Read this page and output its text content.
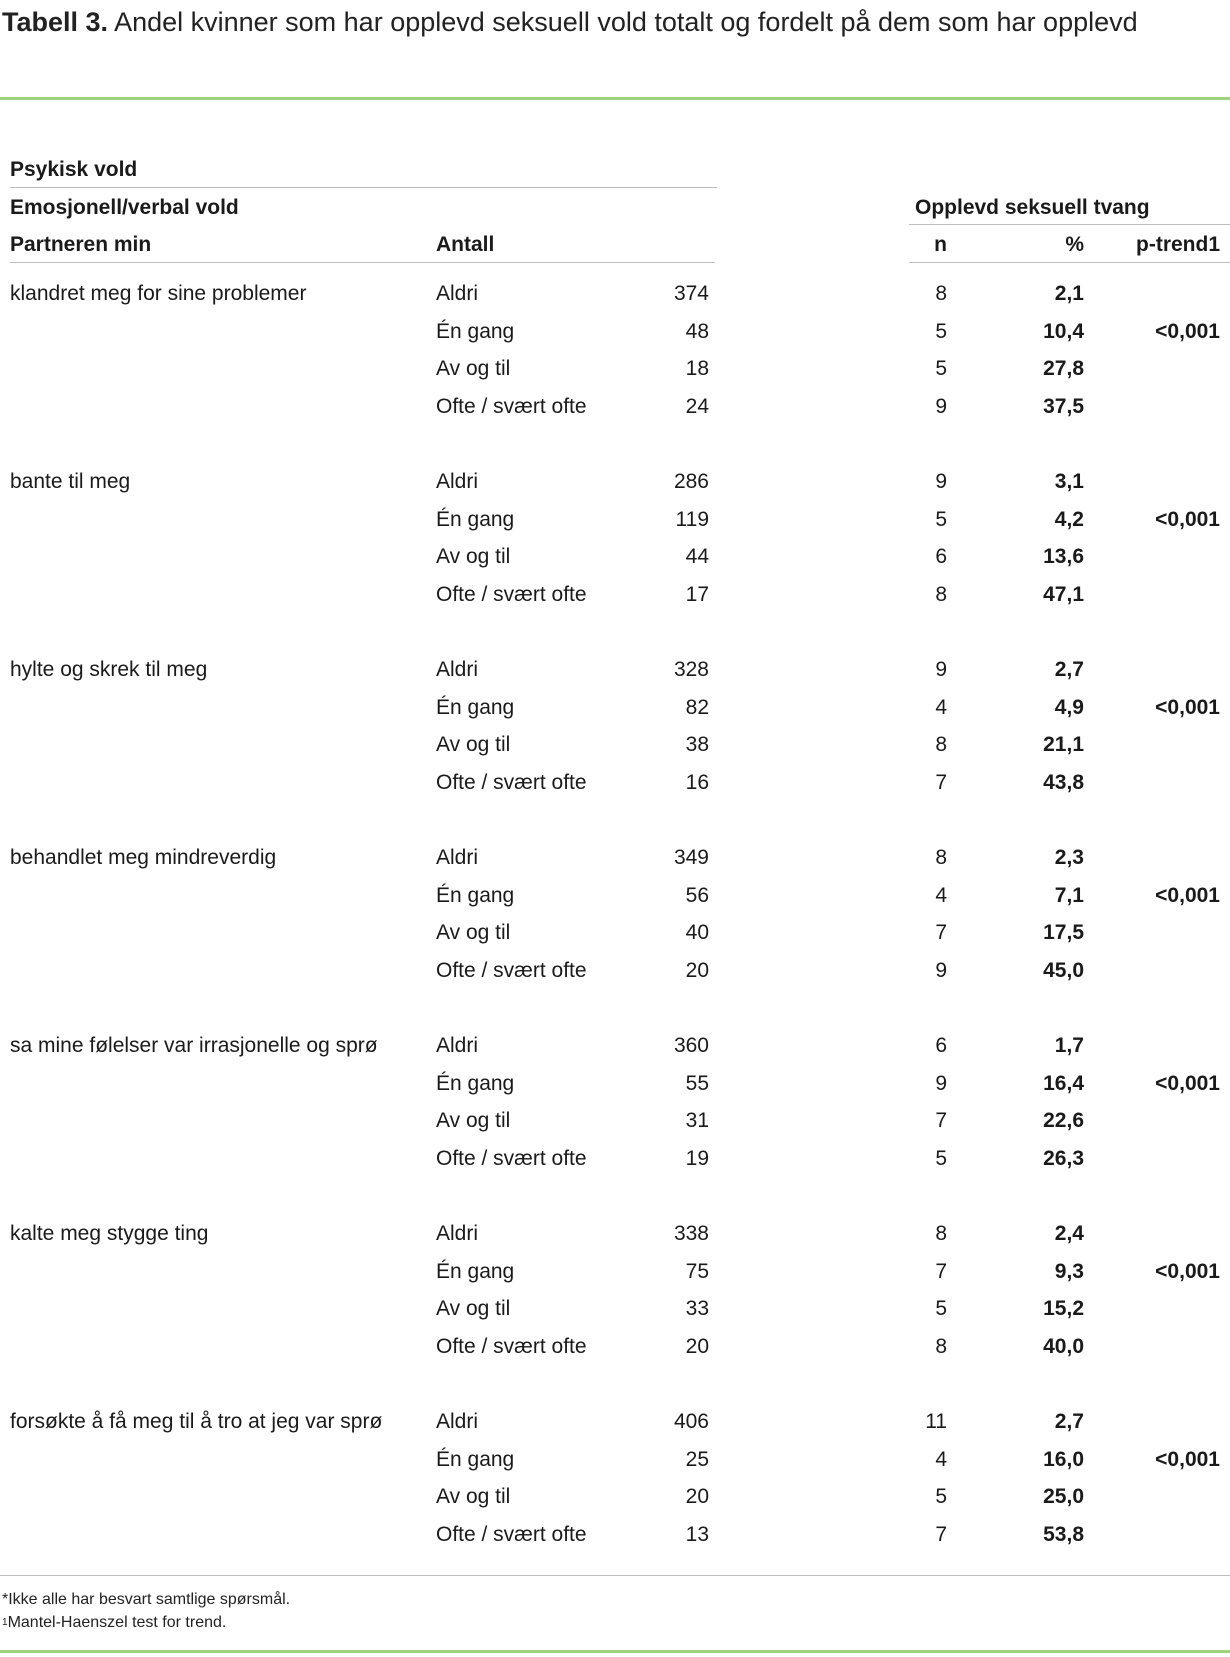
Tabell 3. Andel kvinner som har opplevd seksuell vold totalt og fordelt på dem som har opplevd
Psykisk vold
Emosjonell/verbal vold	Opplevd seksuell tvang
Partneren min	Antall	n	% p-trend1
klandret meg for sine problemer	Aldri	374	8	2,1
Én gang	48	5	10,4	<0,001
Av og til	18	5	27,8
Ofte / svært ofte	24	9	37,5
bante til meg	Aldri	286	9	3,1
Én gang	119	5	4,2	<0,001
Av og til	44	6	13,6
Ofte / svært ofte	17	8	47,1
hylte og skrek til meg	Aldri	328	9	2,7
Én gang	82	4	4,9	<0,001
Av og til	38	8	21,1
Ofte / svært ofte	16	7	43,8
behandlet meg mindreverdig	Aldri	349	8	2,3
Én gang	56	4	7,1	<0,001
Av og til	40	7	17,5
Ofte / svært ofte	20	9	45,0
sa mine følelser var irrasjonelle og sprø	Aldri	360	6	1,7
Én gang	55	9	16,4	<0,001
Av og til	31	7	22,6
Ofte / svært ofte	19	5	26,3
kalte meg stygge ting	Aldri	338	8	2,4
Én gang	75	7	9,3	<0,001
Av og til	33	5	15,2
Ofte / svært ofte	20	8	40,0
forsøkte å få meg til å tro at jeg var sprø	Aldri	406	11	2,7
Én gang	25	4	16,0	<0,001
Av og til	20	5	25,0
Ofte / svært ofte	13	7	53,8
*Ikke alle har besvart samtlige spørsmål.
$^1$Mantel-Haenszel test for trend.
